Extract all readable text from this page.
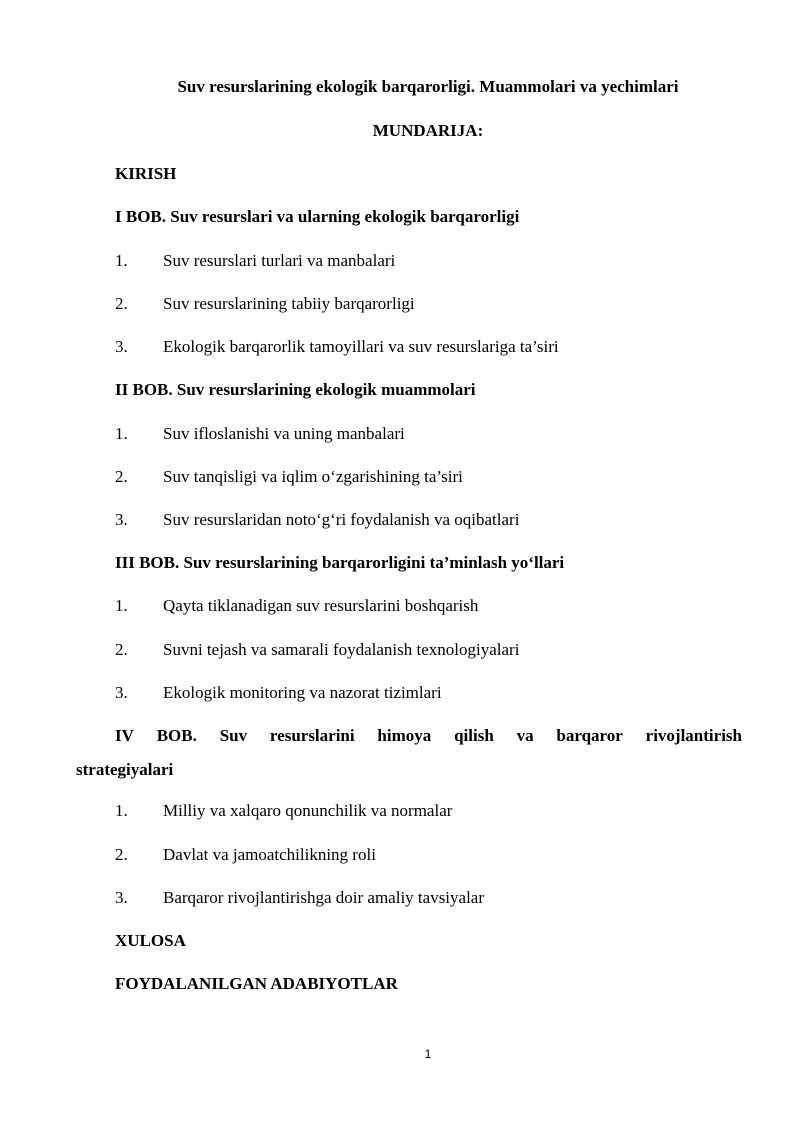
Suv resurslarining ekologik barqarorligi. Muammolari va yechimlari
MUNDARIJA:
KIRISH
I BOB. Suv resurslari va ularning ekologik barqarorligi
1. Suv resurslari turlari va manbalari
2. Suv resurslarining tabiiy barqarorligi
3. Ekologik barqarorlik tamoyillari va suv resurslariga ta’siri
II BOB. Suv resurslarining ekologik muammolari
1. Suv ifloslanishi va uning manbalari
2. Suv tanqisligi va iqlim o‘zgarishining ta’siri
3. Suv resurslaridan noto‘g‘ri foydalanish va oqibatlari
III BOB. Suv resurslarining barqarorligini ta’minlash yo‘llari
1. Qayta tiklanadigan suv resurslarini boshqarish
2. Suvni tejash va samarali foydalanish texnologiyalari
3. Ekologik monitoring va nazorat tizimlari
IV BOB. Suv resurslarini himoya qilish va barqaror rivojlantirish
strategiyalari
1. Milliy va xalqaro qonunchilik va normalar
2. Davlat va jamoatchilikning roli
3. Barqaror rivojlantirishga doir amaliy tavsiyalar
XULOSA
FOYDALANILGAN ADABIYOTLAR
1
